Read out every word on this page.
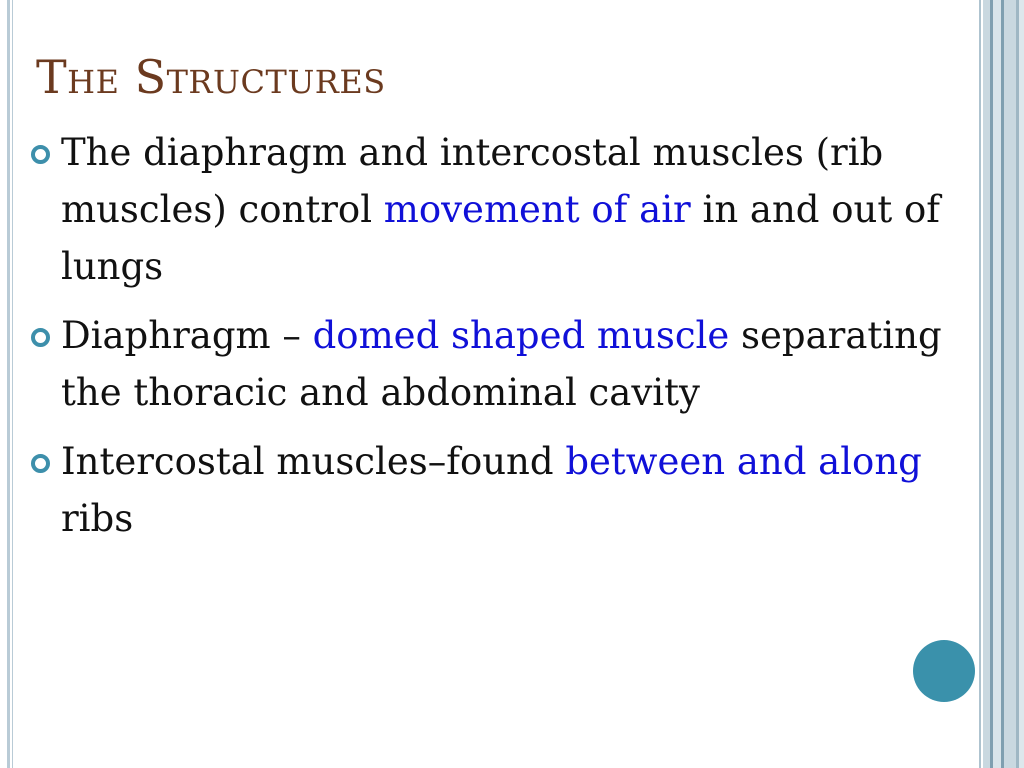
The Structures
The diaphragm and intercostal muscles (rib muscles) control movement of air in and out of lungs
Diaphragm – domed shaped muscle separating the thoracic and abdominal cavity
Intercostal muscles–found between and along ribs
